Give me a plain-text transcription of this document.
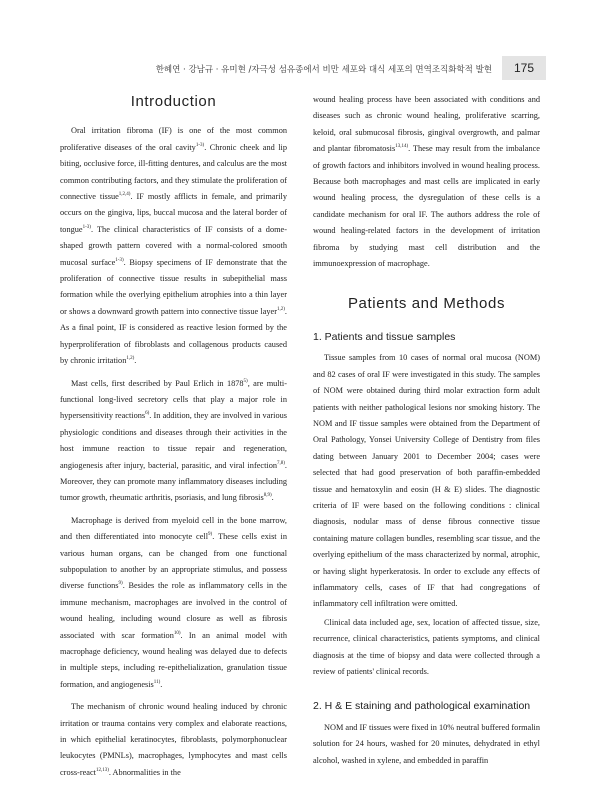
한혜연 · 강남규 · 유미현 /자극성 섬유종에서 비만 세포와 대식 세포의 면역조직화학적 발현	175
Introduction

Oral irritation fibroma (IF) is one of the most common proliferative diseases of the oral cavity$^{1-3)}$. Chronic cheek and lip biting, occlusive force, ill-fitting dentures, and calculus are the most common contributing factors, and they stimulate the proliferation of connective tissue$^{1,2,4)}$. IF mostly afflicts in female, and primarily occurs on the gingiva, lips, buccal mucosa and the lateral border of tongue$^{1-3)}$. The clinical characteristics of IF consists of a dome-shaped growth pattern covered with a normal-colored smooth mucosal surface$^{1-3)}$. Biopsy specimens of IF demonstrate that the proliferation of connective tissue results in subepithelial mass formation while the overlying epithelium atrophies into a thin layer or shows a downward growth pattern into connective tissue layer$^{1,2)}$. As a final point, IF is considered as reactive lesion formed by the hyperproliferation of fibroblasts and collagenous products caused by chronic irritation$^{1,2)}$.

Mast cells, first described by Paul Erlich in 1878$^{5)}$, are multi-functional long-lived secretory cells that play a major role in hypersensitivity reactions$^{6)}$. In addition, they are involved in various physiologic conditions and diseases through their activities in the host immune reaction to tissue repair and regeneration, angiogenesis after injury, bacterial, parasitic, and viral infection$^{7,8)}$. Moreover, they can promote many inflammatory diseases including tumor growth, rheumatic arthritis, psoriasis, and lung fibrosis$^{8,9)}$.

Macrophage is derived from myeloid cell in the bone marrow, and then differentiated into monocyte cell$^{9)}$. These cells exist in various human organs, can be changed from one functional subpopulation to another by an appropriate stimulus, and possess diverse functions$^{9)}$. Besides the role as inflammatory cells in the immune mechanism, macrophages are involved in the control of wound healing, including wound closure as well as fibrosis associated with scar formation$^{10)}$. In an animal model with macrophage deficiency, wound healing was delayed due to defects in multiple steps, including re-epithelialization, granulation tissue formation, and angiogenesis$^{11)}$.

The mechanism of chronic wound healing induced by chronic irritation or trauma contains very complex and elaborate reactions, in which epithelial keratinocytes, fibroblasts, polymorphonuclear leukocytes (PMNLs), macrophages, lymphocytes and mast cells cross-react$^{12,13)}$. Abnormalities in the

wound healing process have been associated with conditions and diseases such as chronic wound healing, proliferative scarring, keloid, oral submucosal fibrosis, gingival overgrowth, and palmar and plantar fibromatosis$^{13,14)}$. These may result from the imbalance of growth factors and inhibitors involved in wound healing process. Because both macrophages and mast cells are implicated in early wound healing process, the dysregulation of these cells is a candidate mechanism for oral IF. The authors address the role of wound healing-related factors in the development of irritation fibroma by studying mast cell distribution and the immunoexpression of macrophage.

Patients and Methods
1. Patients and tissue samples

Tissue samples from 10 cases of normal oral mucosa (NOM) and 82 cases of oral IF were investigated in this study. The samples of NOM were obtained during third molar extraction form adult patients with neither pathological lesions nor smoking history. The NOM and IF tissue samples were obtained from the Department of Oral Pathology, Yonsei University College of Dentistry from files dating between January 2001 to December 2004; cases were selected that had good preservation of both paraffin-embedded tissue and hematoxylin and eosin (H & E) slides. The diagnostic criteria of IF were based on the following conditions : clinical diagnosis, nodular mass of dense fibrous connective tissue containing mature collagen bundles, resembling scar tissue, and the overlying epithelium of the mass characterized by normal, atrophic, or having slight hyperkeratosis. In order to exclude any effects of inflammatory cells, cases of IF that had congregations of inflammatory cell infiltration were omitted.

Clinical data included age, sex, location of affected tissue, size, recurrence, clinical characteristics, patients symptoms, and clinical diagnosis at the time of biopsy and data were collected through a review of patients' clinical records.

2. H & E staining and pathological examination

NOM and IF tissues were fixed in 10% neutral buffered formalin solution for 24 hours, washed for 20 minutes, dehydrated in ethyl alcohol, washed in xylene, and embedded in paraffin
